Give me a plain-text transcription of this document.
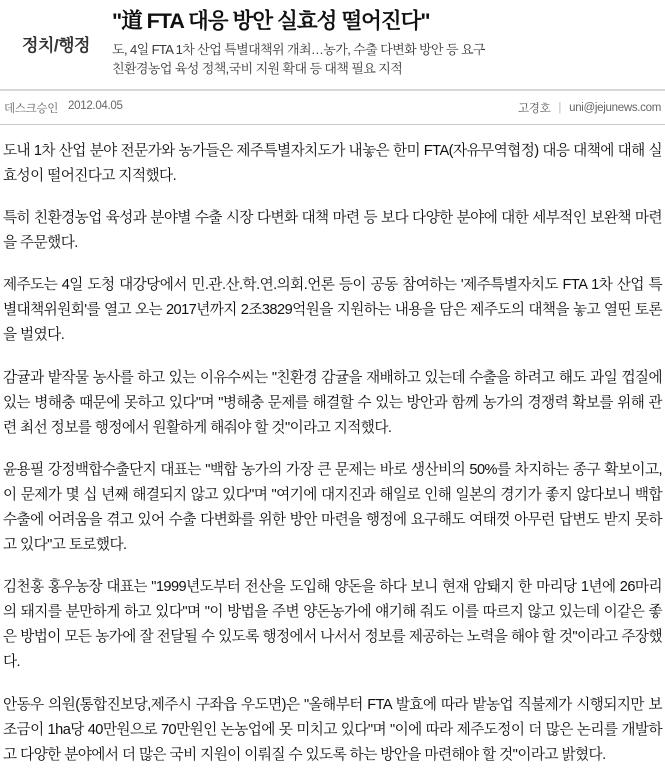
정치/행정
"道 FTA 대응 방안 실효성 떨어진다"

도, 4일 FTA 1차 산업 특별대책위 개최…농가, 수출 다변화 방안 등 요구

친환경농업 육성 정책,국비 지원 확대 등 대책 필요 지적

데스크승인 2012.04.05	고경호 | uni@jejunews.com

도내 1차 산업 분야 전문가와 농가들은 제주특별자치도가 내놓은 한미 FTA(자유무역협정) 대응 대책에 대해 실효성이 떨어진다고 지적했다.

특히 친환경농업 육성과 분야별 수출 시장 다변화 대책 마련 등 보다 다양한 분야에 대한 세부적인 보완책 마련을 주문했다.

제주도는 4일 도청 대강당에서 민.관.산.학.연.의회.언론 등이 공동 참여하는 '제주특별자치도 FTA 1차 산업 특별대책위원회'를 열고 오는 2017년까지 2조3829억원을 지원하는 내용을 담은 제주도의 대책을 놓고 열띤 토론을 벌였다.

감귤과 밭작물 농사를 하고 있는 이유수씨는 "친환경 감귤을 재배하고 있는데 수출을 하려고 해도 과일 껍질에 있는 병해충 때문에 못하고 있다"며 "병해충 문제를 해결할 수 있는 방안과 함께 농가의 경쟁력 확보를 위해 관련 최선 정보를 행정에서 원활하게 해줘야 할 것"이라고 지적했다.

윤용필 강정백합수출단지 대표는 "백합 농가의 가장 큰 문제는 바로 생산비의 50%를 차지하는 종구 확보이고, 이 문제가 몇 십 년째 해결되지 않고 있다"며 "여기에 대지진과 해일로 인해 일본의 경기가 좋지 않다보니 백합 수출에 어려움을 겪고 있어 수출 다변화를 위한 방안 마련을 행정에 요구해도 여태껏 아무런 답변도 받지 못하고 있다"고 토로했다.

김천홍 홍우농장 대표는 "1999년도부터 전산을 도입해 양돈을 하다 보니 현재 암퇘지 한 마리당 1년에 26마리의 돼지를 분만하게 하고 있다"며 "이 방법을 주변 양돈농가에 얘기해 줘도 이를 따르지 않고 있는데 이같은 좋은 방법이 모든 농가에 잘 전달될 수 있도록 행정에서 나서서 정보를 제공하는 노력을 해야 할 것"이라고 주장했다.

안동우 의원(통합진보당,제주시 구좌읍 우도면)은 "올해부터 FTA 발효에 따라 밭농업 직불제가 시행되지만 보조금이 1ha당 40만원으로 70만원인 논농업에 못 미치고 있다"며 "이에 따라 제주도정이 더 많은 논리를 개발하고 다양한 분야에서 더 많은 국비 지원이 이뤄질 수 있도록 하는 방안을 마련해야 할 것"이라고 밝혔다.
